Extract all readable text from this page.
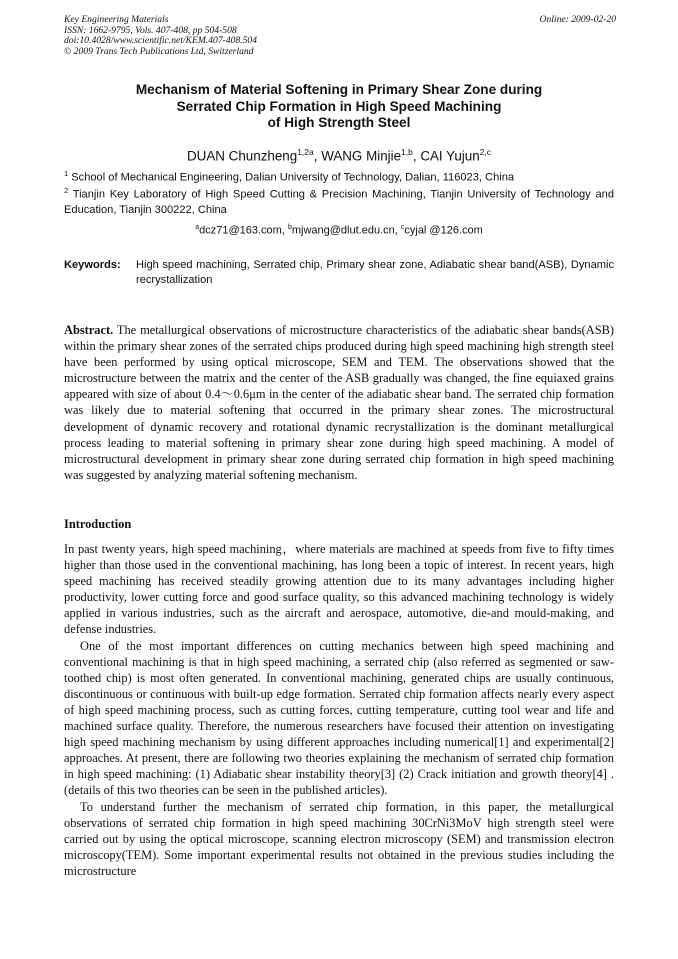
Key Engineering Materials
ISSN: 1662-9795, Vols. 407-408, pp 504-508
doi:10.4028/www.scientific.net/KEM.407-408.504
© 2009 Trans Tech Publications Ltd, Switzerland
Online: 2009-02-20
Mechanism of Material Softening in Primary Shear Zone during
Serrated Chip Formation in High Speed Machining
of High Strength Steel
DUAN Chunzheng$^{1,2a}$, WANG Minjie$^{1,b}$, CAI Yujun$^{2,c}$
$^1$ School of Mechanical Engineering, Dalian University of Technology, Dalian, 116023, China
$^2$ Tianjin Key Laboratory of High Speed Cutting & Precision Machining, Tianjin University of Technology and Education, Tianjin 300222, China
$^a$dcz71@163.com, $^b$mjwang@dlut.edu.cn, $^c$cyjal @126.com
Keywords:	High speed machining, Serrated chip, Primary shear zone, Adiabatic shear band(ASB), Dynamic recrystallization

Abstract. The metallurgical observations of microstructure characteristics of the adiabatic shear bands(ASB) within the primary shear zones of the serrated chips produced during high speed machining high strength steel have been performed by using optical microscope, SEM and TEM. The observations showed that the microstructure between the matrix and the center of the ASB gradually was changed, the fine equiaxed grains appeared with size of about 0.4～0.6μm in the center of the adiabatic shear band. The serrated chip formation was likely due to material softening that occurred in the primary shear zones. The microstructural development of dynamic recovery and rotational dynamic recrystallization is the dominant metallurgical process leading to material softening in primary shear zone during high speed machining. A model of microstructural development in primary shear zone during serrated chip formation in high speed machining was suggested by analyzing material softening mechanism.

Introduction

In past twenty years, high speed machining，where materials are machined at speeds from five to fifty times higher than those used in the conventional machining, has long been a topic of interest. In recent years, high speed machining has received steadily growing attention due to its many advantages including higher productivity, lower cutting force and good surface quality, so this advanced machining technology is widely applied in various industries, such as the aircraft and aerospace, automotive, die-and mould-making, and defense industries.

One of the most important differences on cutting mechanics between high speed machining and conventional machining is that in high speed machining, a serrated chip (also referred as segmented or saw-toothed chip) is most often generated. In conventional machining, generated chips are usually continuous, discontinuous or continuous with built-up edge formation. Serrated chip formation affects nearly every aspect of high speed machining process, such as cutting forces, cutting temperature, cutting tool wear and life and machined surface quality. Therefore, the numerous researchers have focused their attention on investigating high speed machining mechanism by using different approaches including numerical[1] and experimental[2] approaches. At present, there are following two theories explaining the mechanism of serrated chip formation in high speed machining: (1) Adiabatic shear instability theory[3] (2) Crack initiation and growth theory[4] . (details of this two theories can be seen in the published articles).

To understand further the mechanism of serrated chip formation, in this paper, the metallurgical observations of serrated chip formation in high speed machining 30CrNi3MoV high strength steel were carried out by using the optical microscope, scanning electron microscopy (SEM) and transmission electron microscopy(TEM). Some important experimental results not obtained in the previous studies including the microstructure
